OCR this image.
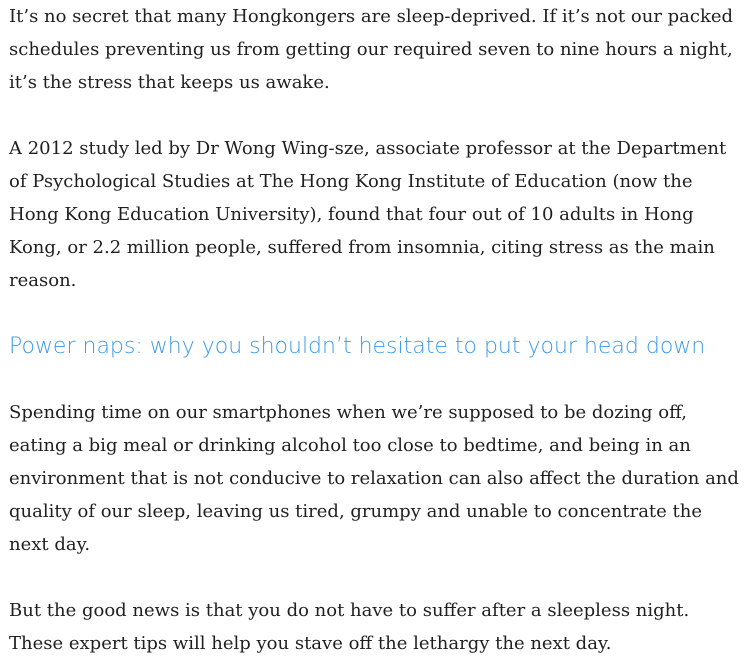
It’s no secret that many Hongkongers are sleep-deprived. If it’s not our packed schedules preventing us from getting our required seven to nine hours a night, it’s the stress that keeps us awake.

A 2012 study led by Dr Wong Wing-sze, associate professor at the Department of Psychological Studies at The Hong Kong Institute of Education (now the Hong Kong Education University), found that four out of 10 adults in Hong Kong, or 2.2 million people, suffered from insomnia, citing stress as the main reason.

Power naps: why you shouldn’t hesitate to put your head down

Spending time on our smartphones when we’re supposed to be dozing off, eating a big meal or drinking alcohol too close to bedtime, and being in an environment that is not conducive to relaxation can also affect the duration and quality of our sleep, leaving us tired, grumpy and unable to concentrate the next day.

But the good news is that you do not have to suffer after a sleepless night. These expert tips will help you stave off the lethargy the next day.
